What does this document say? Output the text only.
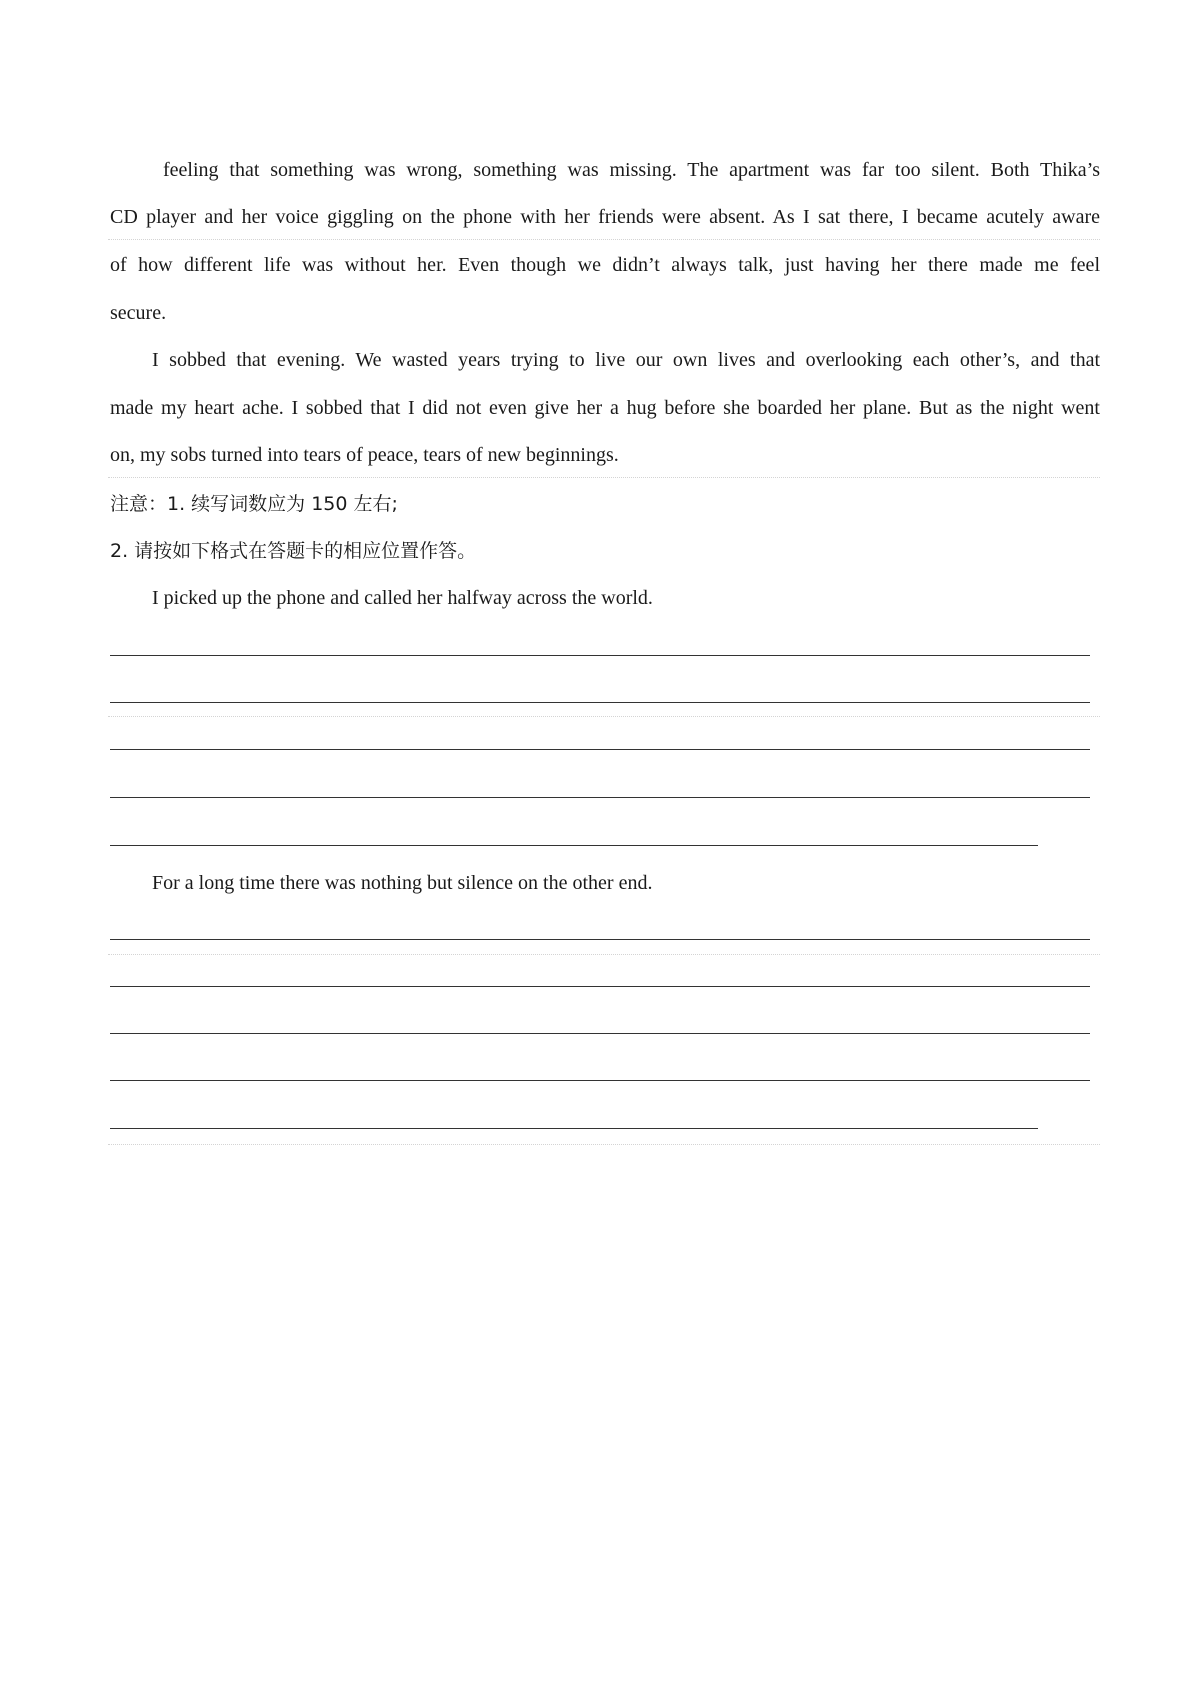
feeling that something was wrong, something was missing. The apartment was far too silent. Both Thika’s
CD player and her voice giggling on the phone with her friends were absent. As I sat there, I became acutely aware
of how different life was without her. Even though we didn’t always talk, just having her there made me feel
secure.
I sobbed that evening. We wasted years trying to live our own lives and overlooking each other’s, and that
made my heart ache. I sobbed that I did not even give her a hug before she boarded her plane. But as the night went
on, my sobs turned into tears of peace, tears of new beginnings.
注意：1. 续写词数应为 150 左右;
2. 请按如下格式在答题卡的相应位置作答。
I picked up the phone and called her halfway across the world.
For a long time there was nothing but silence on the other end.
